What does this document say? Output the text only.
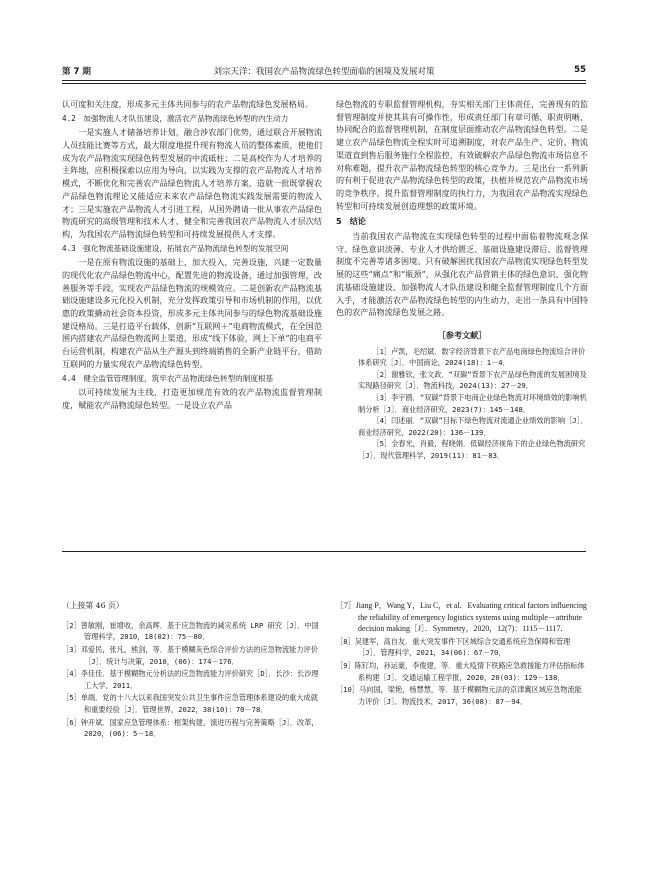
第 7 期	刘宗天洋：我国农产品物流绿色转型面临的困境及发展对策	55

认可度和关注度，形成多元主体共同参与的农产品物流绿色发展格局。

4.2　加强物流人才队伍建设，激活农产品物流绿色转型的内生动力

一是实施人才储备培养计划，融合涉农部门优势，通过联合开展物流人员技能比赛等方式，最大限度地提升现有物流人员的整体素质，使他们成为农产品物流实现绿色转型发展的中流砥柱；二是高校作为人才培养的主阵地，应积极探索以应用为导向，以实践为支撑的农产品物流人才培养模式，不断优化和完善农产品绿色物流人才培养方案，造就一批既掌握农产品绿色物流理论又能适应未来农产品绿色物流实践发展需要的物流人才；三是实施农产品物流人才引进工程，从国外聘请一批从事农产品绿色物流研究的高级管理和技术人才，健全和完善我国农产品物流人才层次结构，为我国农产品物流绿色转型和可持续发展提供人才支撑。

4.3　强化物流基础设施建设，拓展农产品物流绿色转型的发展空间

一是在原有物流设施的基础上，加大投入，完善设施，兴建一定数量的现代化农产品绿色物流中心，配置先进的物流设备，通过加强管理，改善服务等手段，实现农产品绿色物流的规模效应。二是创新农产品物流基础设施建设多元化投入机制，充分发挥政策引导和市场机制的作用，以优惠的政策撬动社会资本投资，形成多元主体共同参与的绿色物流基础设施建设格局。三是打造平台载体，创新“互联网＋”电商物流模式，在全国范围内搭建农产品绿色物流网上渠道，形成“线下体验，网上下单”的电商平台运营机制，构建农产品从生产源头到终端销售的全新产业链平台，借助互联网的力量实现农产品物流绿色转型。

4.4　健全监管管理制度，筑牢农产品物流绿色转型的制度根基

以可持续发展为主线，打造更加规范有效的农产品物流监督管理制度，赋能农产品物流绿色转型。一是设立农产品

绿色物流的专职监督管理机构，夯实相关部门主体责任，完善现有的监督管理制度并使其具有可操作性，形成责任部门有章可循、职责明晰、协同配合的监督管理机制，在制度层面推动农产品物流绿色转型。二是建立农产品绿色物流全程实时可追溯制度，对农产品生产、定价、物流渠道直到售后服务施行全程监控，有效破解农产品绿色物流市场信息不对称难题，提升农产品物流绿色转型的核心竞争力。三是出台一系列新的有利于促进农产品物流绿色转型的政策，扶植并规范农产品物流市场的竞争秩序，提升监督管理制度的执行力，为我国农产品物流实现绿色转型和可持续发展创造理想的政策环境。

5　结论

当前我国农产品物流在实现绿色转型的过程中面临着物流观念保守、绿色意识淡薄、专业人才供给匮乏、基础设施建设滞后、监督管理制度不完善等诸多困境。只有破解困扰我国农产品物流实现绿色转型发展的这些“痛点”和“瓶颈”，从强化农产品营销主体的绿色意识、强化物流基础设施建设、加强物流人才队伍建设和健全监督管理制度几个方面入手，才能激活农产品物流绿色转型的内生动力，走出一条具有中国特色的农产品物流绿色发展之路。

［参考文献］

［1］卢凯，毛绍斌．数字经济背景下农产品电商绿色物流综合评价体系研究［J］．中国商论，2024(18)：1－4．

［2］谢雅钦，张文政．“双碳”背景下农产品绿色物流的发展困境及实现路径研究［J］．物流科技，2024(13)：27－29．

［3］李宇鸥．“双碳”背景下电商企业绿色物流对环境绩效的影响机制分析［J］．商业经济研究，2023(7)：145－148．

［4］闫述丽．“双碳”目标下绿色物流对流通企业绩效的影响［J］．商业经济研究，2022(20)：136－139．

［5］全春光，肖毅，程晓娟．低碳经济视角下的企业绿色物流研究［J］．现代管理科学，2019(11)：81－83．

（上接第 46 页）

［2］曾敏刚，崔增收，余高辉．基于应急物流的减灾系统 LRP 研究［J］．中国管理科学，2010，18(02)：75－80．

［3］邓爱民，张凡，熊剑，等．基于模糊灰色综合评价方法的应急物流能力评价［J］．统计与决策，2010，(06)：174－176．

［4］李佳佳．基于模糊物元分析法的应急物流能力评价研究［D］．长沙：长沙理工大学，2011．

［5］单端．党的十八大以来我国突发公共卫生事件应急管理体系建设的重大成就和重要经验［J］．管理世界，2022，38(10)：70－78．

［6］钟开斌．国家应急管理体系：框架构建、演进历程与完善策略［J］．改革，2020，(06)：5－18．

［7］Jiang P，Wang Y，Liu C，et al．Evaluating critical factors influencing the reliability of emergency logistics systems using multiple－attribute decision making［J］．Symmetry，2020，12(7)：1115－1117．

［8］吴建军，高自友．重大突发事件下区域综合交通系统应急保障和管理［J］．管理科学，2021，34(06)：67－70．

［9］陈钉均，孙运豪，李俊建，等．重大疫情下铁路应急救援能力评估指标体系构建［J］．交通运输工程学报，2020，20(03)：129－138．

［10］马向国，梁艳，杨慧慧，等．基于模糊物元法的京津冀区域应急物流能力评价［J］．物流技术，2017，36(08)：87－94．
